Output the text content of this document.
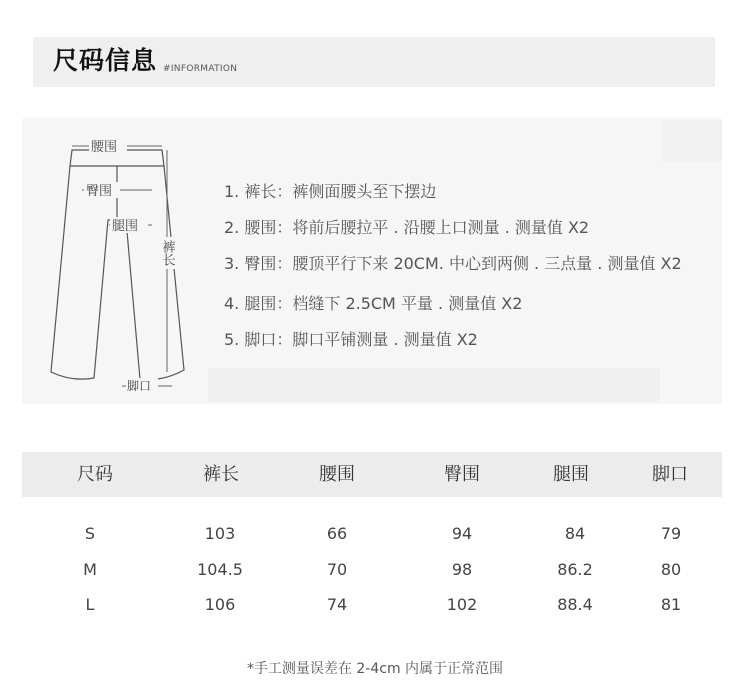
尺码信息 #INFORMATION
腰围
臀围
腿围
裤长
脚口
1. 裤长：裤侧面腰头至下摆边
2. 腰围：将前后腰拉平 . 沿腰上口测量 . 测量值 X2
3. 臀围：腰顶平行下来 20CM. 中心到两侧 . 三点量 . 测量值 X2
4. 腿围：档缝下 2.5CM 平量 . 测量值 X2
5. 脚口：脚口平铺测量 . 测量值 X2
尺码	裤长	腰围	臀围	腿围	脚口
S	103	66	94	84	79
M	104.5	70	98	86.2	80
L	106	74	102	88.4	81
*手工测量误差在 2-4cm 内属于正常范围
